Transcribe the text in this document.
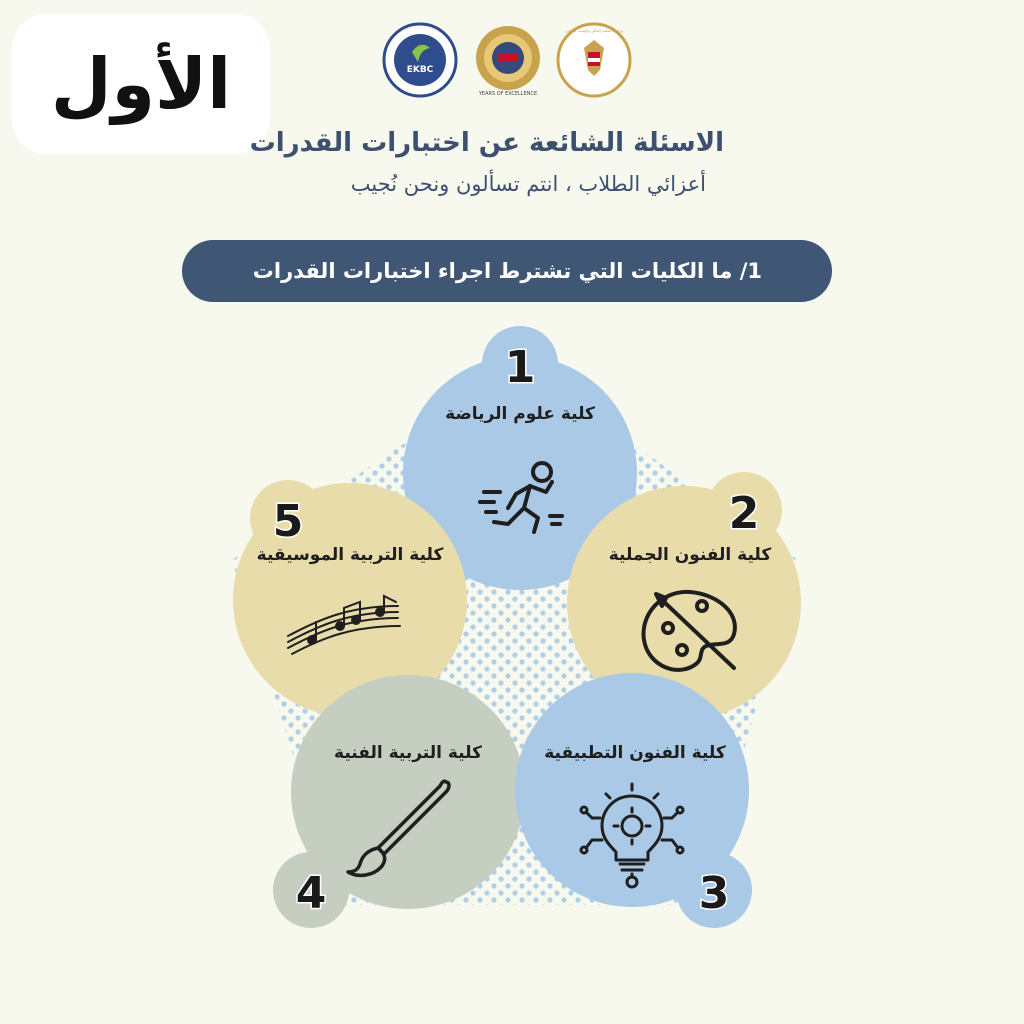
الأول	EKBC
YEARS OF EXCELLENCE
وزارة التعليم العالي والبحث العلمي
الاسئلة الشائعة عن اختبارات القدرات
أعزائي الطلاب ، انتم تسألون ونحن نُجيب
1/ ما الكليات التي تشترط اجراء اختبارات القدرات
1
2
5
4	3
كلية علوم الرياضة
كلية الفنون الجملية
كلية التربية الموسيقية
كلية التربية الفنية	كلية الفنون التطبيقية
